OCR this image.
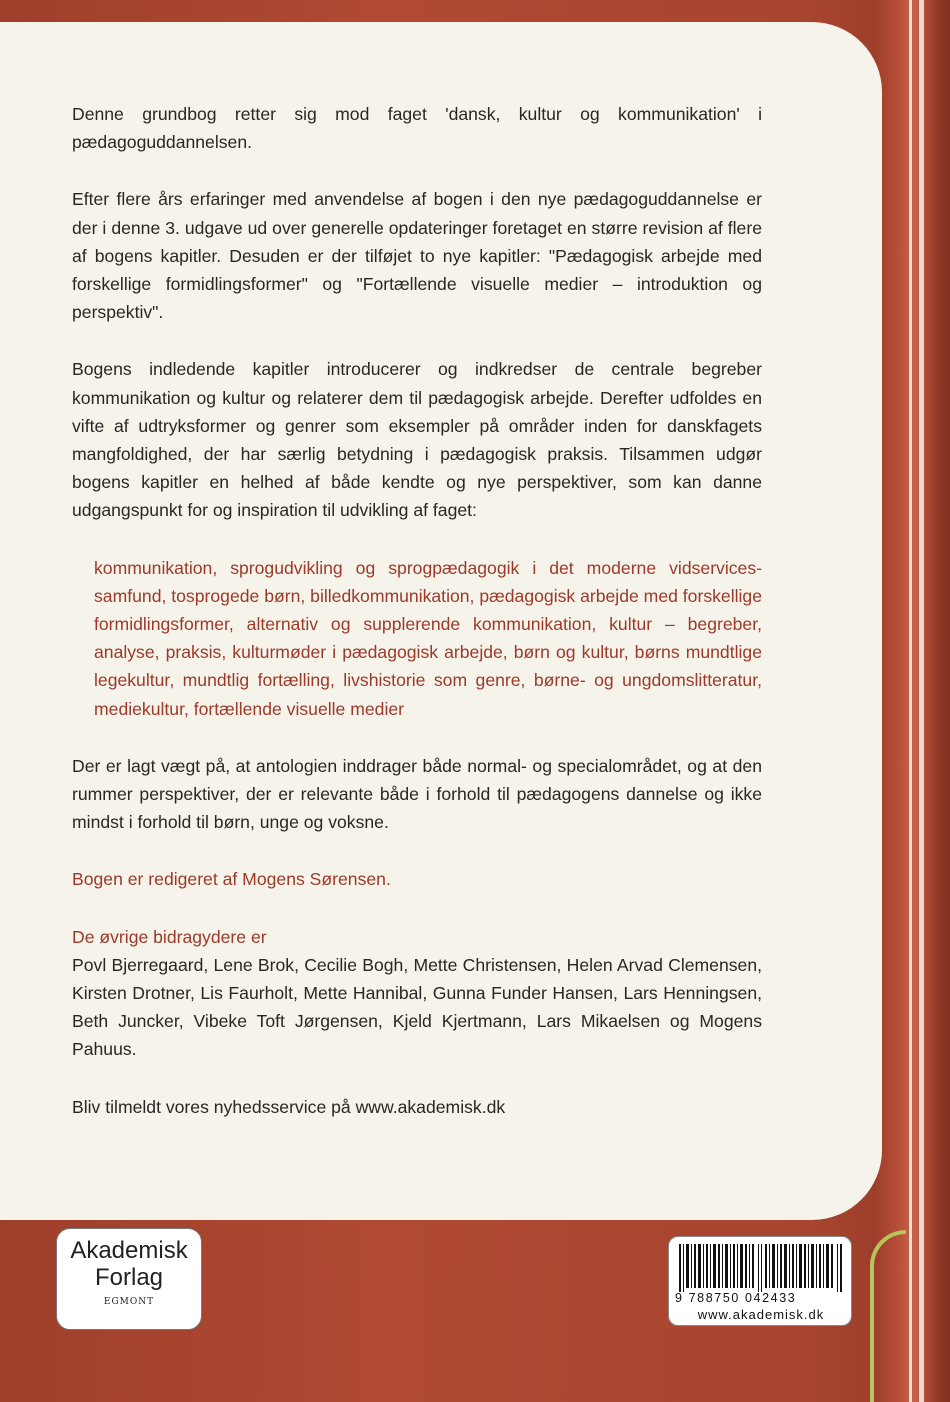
Denne grundbog retter sig mod faget 'dansk, kultur og kommunikation' i pædagoguddannelsen.

Efter flere års erfaringer med anvendelse af bogen i den nye pædagoguddannelse er der i denne 3. udgave ud over generelle opdateringer foretaget en større revision af flere af bogens kapitler. Desuden er der tilføjet to nye kapitler: "Pædagogisk arbejde med forskellige formidlingsformer" og "Fortællende visuelle medier – introduktion og perspektiv".

Bogens indledende kapitler introducerer og indkredser de centrale begreber kommunikation og kultur og relaterer dem til pædagogisk arbejde. Derefter udfoldes en vifte af udtryksformer og genrer som eksempler på områder inden for danskfagets mangfoldighed, der har særlig betydning i pædagogisk praksis. Tilsammen udgør bogens kapitler en helhed af både kendte og nye perspektiver, som kan danne udgangspunkt for og inspiration til udvikling af faget:

kommunikation, sprogudvikling og sprogpædagogik i det moderne vidservicessamfund, tosprogede børn, billedkommunikation, pædagogisk arbejde med forskellige formidlingsformer, alternativ og supplerende kommunikation, kultur – begreber, analyse, praksis, kulturmøder i pædagogisk arbejde, børn og kultur, børns mundtlige legekultur, mundtlig fortælling, livshistorie som genre, børne- og ungdomslitteratur, mediekultur, fortællende visuelle medier

Der er lagt vægt på, at antologien inddrager både normal- og specialområdet, og at den rummer perspektiver, der er relevante både i forhold til pædagogens dannelse og ikke mindst i forhold til børn, unge og voksne.

Bogen er redigeret af Mogens Sørensen.

De øvrige bidragydere er

Povl Bjerregaard, Lene Brok, Cecilie Bogh, Mette Christensen, Helen Arvad Clemensen, Kirsten Drotner, Lis Faurholt, Mette Hannibal, Gunna Funder Hansen, Lars Henningsen, Beth Juncker, Vibeke Toft Jørgensen, Kjeld Kjertmann, Lars Mikaelsen og Mogens Pahuus.

Bliv tilmeldt vores nyhedsservice på www.akademisk.dk

Akademisk
Forlag
EGMONT	9 788750 042433
www.akademisk.dk
